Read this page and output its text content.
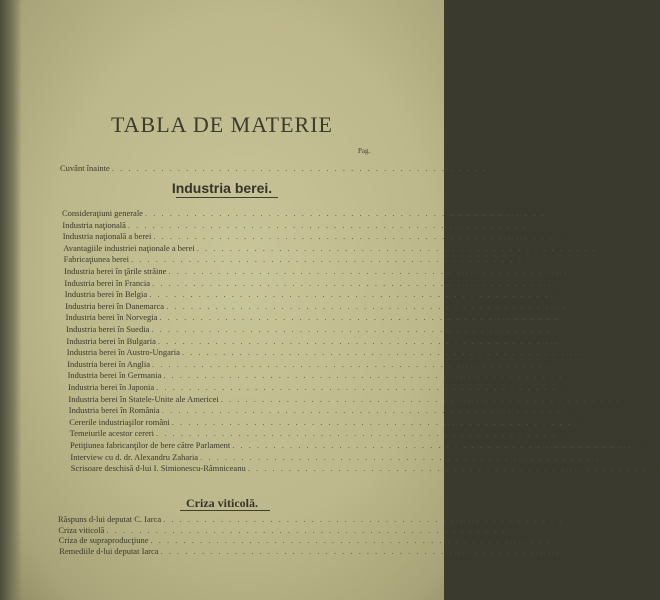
TABLA DE MATERIE
Pag.
Cuvânt înainte . . . . . . . . . . . . . . . . . . . . . . . . . . . . . . . . . . . . . . . . . . . . . . 3
Industria berei.
Consideraţiuni generale . . . . . . . . . . . . . . . . . . . . . . . . . . . . . . . . . . . . . . . . . . . . . . . . . 5
Industria naţională . . . . . . . . . . . . . . . . . . . . . . . . . . . . . . . . . . . . . . . . . . . . . . . . . 6
Industria naţională a berei . . . . . . . . . . . . . . . . . . . . . . . . . . . . . . . . . . . . . . . . . . . . . . . . . 8
Avantagiile industriei naţionale a berei . . . . . . . . . . . . . . . . . . . . . . . . . . . . . . . . . . . . . . . . . . . . . . . . . 9
Fabricaţiunea berei . . . . . . . . . . . . . . . . . . . . . . . . . . . . . . . . . . . . . . . . . . . . . . . . . 11
Industria berei în ţările străine . . . . . . . . . . . . . . . . . . . . . . . . . . . . . . . . . . . . . . . . . . . . . . . . . 16
Industria berei în Francia . . . . . . . . . . . . . . . . . . . . . . . . . . . . . . . . . . . . . . . . . . . . . . . . . 19
Industria berei în Belgia . . . . . . . . . . . . . . . . . . . . . . . . . . . . . . . . . . . . . . . . . . . . . . . . . 21
Industria berei în Danemarca . . . . . . . . . . . . . . . . . . . . . . . . . . . . . . . . . . . . . . . . . . . . . . . . . 22
Industria berei în Norvegia . . . . . . . . . . . . . . . . . . . . . . . . . . . . . . . . . . . . . . . . . . . . . . . . . 23
Industria berei în Suedia . . . . . . . . . . . . . . . . . . . . . . . . . . . . . . . . . . . . . . . . . . . . . . . . . 23
Industria berei în Bulgaria . . . . . . . . . . . . . . . . . . . . . . . . . . . . . . . . . . . . . . . . . . . . . . . . . 24
Industria berei în Austro-Ungaria . . . . . . . . . . . . . . . . . . . . . . . . . . . . . . . . . . . . . . . . . . . . . . . . . 24
Industria berei în Anglia . . . . . . . . . . . . . . . . . . . . . . . . . . . . . . . . . . . . . . . . . . . . . . . . . 26
Industria berei în Germania . . . . . . . . . . . . . . . . . . . . . . . . . . . . . . . . . . . . . . . . . . . . . . . . . 27
Industria berei în Japonia . . . . . . . . . . . . . . . . . . . . . . . . . . . . . . . . . . . . . . . . . . . . . . . . . 28
Industria berei în Statele-Unite ale Americei . . . . . . . . . . . . . . . . . . . . . . . . . . . . . . . . . . . . . . . . . . . . . . . . . 28
Industria berei în România . . . . . . . . . . . . . . . . . . . . . . . . . . . . . . . . . . . . . . . . . . . . . . . . . 29
Cererile industriaşilor români . . . . . . . . . . . . . . . . . . . . . . . . . . . . . . . . . . . . . . . . . . . . . . . . . 31
Temeiurile acestor cereri . . . . . . . . . . . . . . . . . . . . . . . . . . . . . . . . . . . . . . . . . . . . . . . . . 32
Petiţiunea fabricanţilor de bere către Parlament . . . . . . . . . . . . . . . . . . . . . . . . . . . . . . . . . . . . . . . . . . . . . . . . . 38
Interview cu d. dr. Alexandru Zaharia . . . . . . . . . . . . . . . . . . . . . . . . . . . . . . . . . . . . . . . . . . . . . . . . . 40
Scrisoare deschisă d-lui I. Simionescu-Râmniceanu . . . . . . . . . . . . . . . . . . . . . . . . . . . . . . . . . . . . . . . . . . . . . . . . . 46
Criza viticolă.
Răspuns d-lui deputat C. Iarca . . . . . . . . . . . . . . . . . . . . . . . . . . . . . . . . . . . . . . . . . . . . . . . . . 51
Criza viticolă . . . . . . . . . . . . . . . . . . . . . . . . . . . . . . . . . . . . . . . . . . . . . . . . . 52
Criza de supraproducţiune . . . . . . . . . . . . . . . . . . . . . . . . . . . . . . . . . . . . . . . . . . . . . . . . . 55
Remediile d-lui deputat Iarca . . . . . . . . . . . . . . . . . . . . . . . . . . . . . . . . . . . . . . . . . . . . . . . . . 58
